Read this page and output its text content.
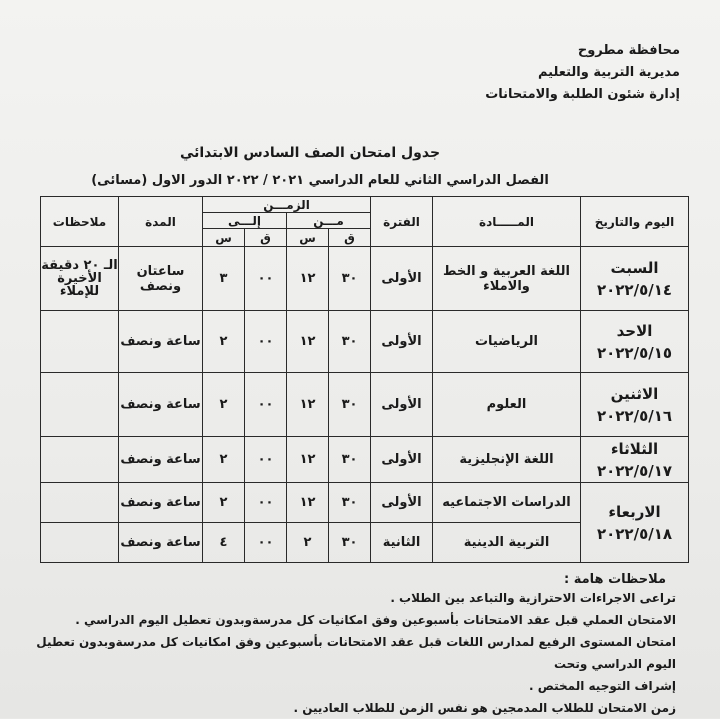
محافظة مطروح
مديرية التربية والتعليم
إدارة شئون الطلبة والامتحانات
جدول امتحان الصف السادس الابتدائي
الفصل الدراسي الثاني للعام الدراسي ٢٠٢١ / ٢٠٢٢ الدور الاول (مسائى)
اليوم والتاريخ	المـــــادة	الفترة	الزمـــن				المدة	ملاحظات
			مـــن		إلـــى			
			ق	س	ق	س		

السبت
٢٠٢٢/٥/١٤	اللغة العربية و الخط والاملاء	الأولى	٣٠	١٢	٠٠	٣	ساعتان ونصف	الـ ٢٠ دقيقة الأخيرة للإملاء

الاحد
٢٠٢٢/٥/١٥	الرياضيات	الأولى	٣٠	١٢	٠٠	٢	ساعة ونصف	

الاثنين
٢٠٢٢/٥/١٦	العلوم	الأولى	٣٠	١٢	٠٠	٢	ساعة ونصف	

الثلاثاء
٢٠٢٢/٥/١٧	اللغة الإنجليزية	الأولى	٣٠	١٢	٠٠	٢	ساعة ونصف	

الاربعاء
٢٠٢٢/٥/١٨	الدراسات الاجتماعيه	الأولى	٣٠	١٢	٠٠	٢	ساعة ونصف	
	التربية الدينية	الثانية	٣٠	٢	٠٠	٤	ساعة ونصف	
ملاحظات هامة :
تراعى الاجراءات الاحترازية والتباعد بين الطلاب .
الامتحان العملي قبل عقد الامتحانات بأسبوعين وفق امكانيات كل مدرسةوبدون تعطيل اليوم الدراسي .
امتحان المستوى الرفيع لمدارس اللغات قبل عقد الامتحانات بأسبوعين وفق امكانيات كل مدرسةوبدون تعطيل اليوم الدراسي وتحت
إشراف التوجيه المختص .
زمن الامتحان للطلاب المدمجين هو نفس الزمن للطلاب العاديين .
